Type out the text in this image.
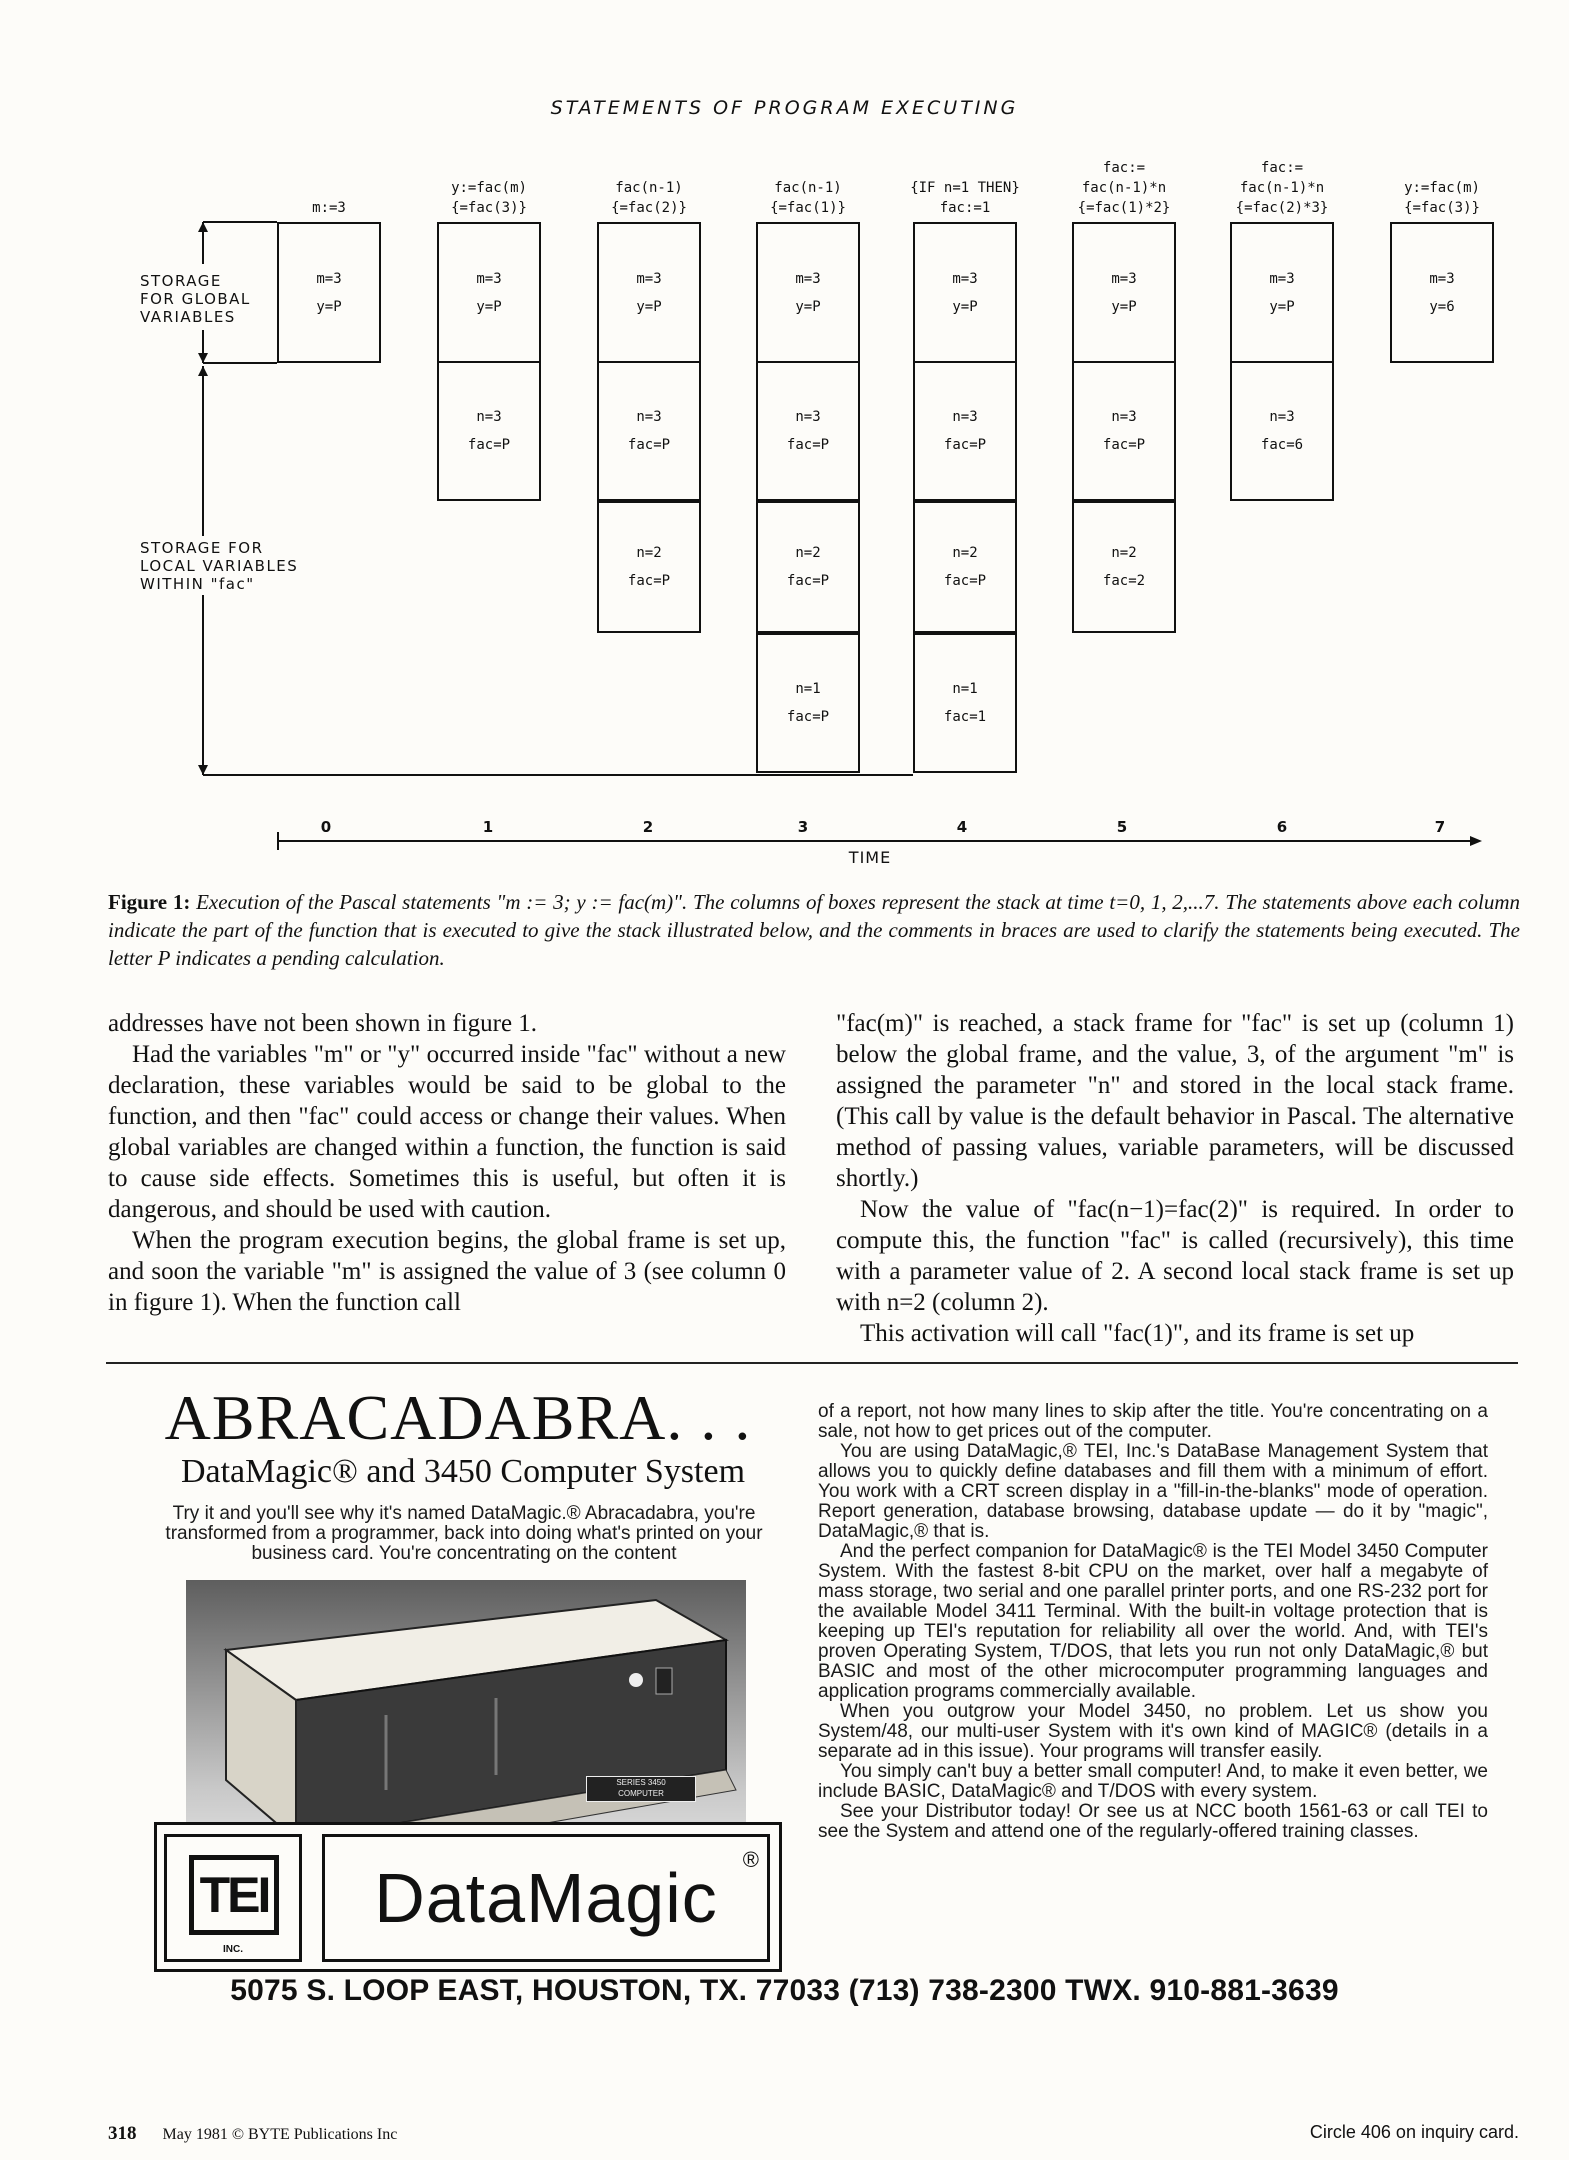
STATEMENTS OF PROGRAM EXECUTING
m:=3
m=3
y=P
y:=fac(m)
{=fac(3)}
m=3
y=P
n=3
fac=P
fac(n-1)
{=fac(2)}
m=3
y=P
n=3
fac=P
n=2
fac=P
fac(n-1)
{=fac(1)}
m=3
y=P
n=3
fac=P
n=2
fac=P
n=1
fac=P
{IF n=1 THEN}
fac:=1
m=3
y=P
n=3
fac=P
n=2
fac=P
n=1
fac=1
fac:=
fac(n-1)*n
{=fac(1)*2}
m=3
y=P
n=3
fac=P
n=2
fac=2
fac:=
fac(n-1)*n
{=fac(2)*3}
m=3
y=P
n=3
fac=6
y:=fac(m)
{=fac(3)}
m=3
y=6
STORAGE
FOR GLOBAL
VARIABLES
STORAGE FOR
LOCAL VARIABLES
WITHIN "fac"
0	1	2	3	4	5	6	7
TIME
Figure 1: Execution of the Pascal statements "m := 3; y := fac(m)". The columns of boxes represent the stack at time t=0, 1, 2,...7. The statements above each column indicate the part of the function that is executed to give the stack illustrated below, and the comments in braces are used to clarify the statements being executed. The letter P indicates a pending calculation.

addresses have not been shown in figure 1.

Had the variables "m" or "y" occurred inside "fac" without a new declaration, these variables would be said to be global to the function, and then "fac" could access or change their values. When global variables are changed within a function, the function is said to cause side effects. Sometimes this is useful, but often it is dangerous, and should be used with caution.

When the program execution begins, the global frame is set up, and soon the variable "m" is assigned the value of 3 (see column 0 in figure 1). When the function call

"fac(m)" is reached, a stack frame for "fac" is set up (column 1) below the global frame, and the value, 3, of the argument "m" is assigned the parameter "n" and stored in the local stack frame. (This call by value is the default behavior in Pascal. The alternative method of passing values, variable parameters, will be discussed shortly.)

Now the value of "fac(n−1)=fac(2)" is required. In order to compute this, the function "fac" is called (recursively), this time with a parameter value of 2. A second local stack frame is set up with n=2 (column 2).

This activation will call "fac(1)", and its frame is set up

ABRACADABRA. . .
DataMagic® and 3450 Computer System
Try it and you'll see why it's named DataMagic.® Abracadabra, you're transformed from a programmer, back into doing what's printed on your business card. You're concentrating on the content
SERIES 3450
COMPUTER
TEI
INC.
DataMagic ®

of a report, not how many lines to skip after the title. You're concentrating on a sale, not how to get prices out of the computer.

You are using DataMagic,® TEI, Inc.'s DataBase Management System that allows you to quickly define databases and fill them with a minimum of effort. You work with a CRT screen display in a "fill-in-the-blanks" mode of operation. Report generation, database browsing, database update — do it by "magic", DataMagic,® that is.

And the perfect companion for DataMagic® is the TEI Model 3450 Computer System. With the fastest 8-bit CPU on the market, over half a megabyte of mass storage, two serial and one parallel printer ports, and one RS-232 port for the available Model 3411 Terminal. With the built-in voltage protection that is keeping up TEI's reputation for reliability all over the world. And, with TEI's proven Operating System, T/DOS, that lets you run not only DataMagic,® but BASIC and most of the other microcomputer programming languages and application programs commercially available.

When you outgrow your Model 3450, no problem. Let us show you System/48, our multi-user System with it's own kind of MAGIC® (details in a separate ad in this issue). Your programs will transfer easily.

You simply can't buy a better small computer! And, to make it even better, we include BASIC, DataMagic® and T/DOS with every system.

See your Distributor today! Or see us at NCC booth 1561-63 or call TEI to see the System and attend one of the regularly-offered training classes.

5075 S. LOOP EAST, HOUSTON, TX. 77033 (713) 738-2300 TWX. 910-881-3639
318 May 1981 © BYTE Publications Inc	Circle 406 on inquiry card.
